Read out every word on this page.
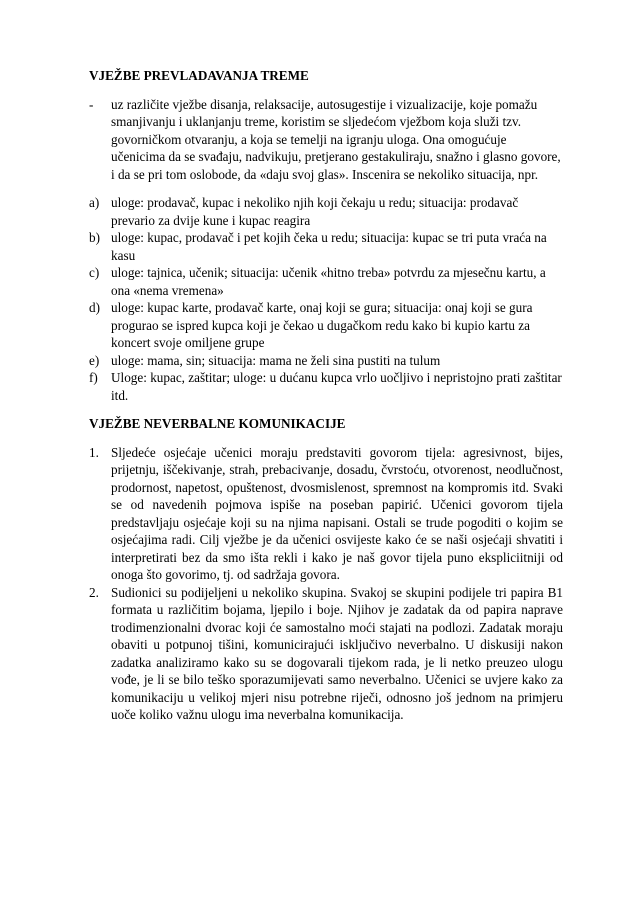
VJEŽBE PREVLADAVANJA TREME
- uz različite vježbe disanja, relaksacije, autosugestije i vizualizacije, koje pomažu smanjivanju i uklanjanju treme, koristim se sljedećom vježbom koja služi tzv. govorničkom otvaranju, a koja se temelji na igranju uloga. Ona omogućuje učenicima da se svađaju, nadvikuju, pretjerano gestakuliraju, snažno i glasno govore, i da se pri tom oslobode, da «daju svoj glas». Inscenira se nekoliko situacija, npr.
a) uloge: prodavač, kupac i nekoliko njih koji čekaju u redu; situacija: prodavač prevario za dvije kune i kupac reagira
b) uloge: kupac, prodavač i pet kojih čeka u redu; situacija: kupac se tri puta vraća na kasu
c) uloge: tajnica, učenik; situacija: učenik «hitno treba» potvrdu za mjesečnu kartu, a ona «nema vremena»
d) uloge: kupac karte, prodavač karte, onaj koji se gura; situacija: onaj koji se gura progurao se ispred kupca koji je čekao u dugačkom redu kako bi kupio kartu za koncert svoje omiljene grupe
e) uloge: mama, sin; situacija: mama ne želi sina pustiti na tulum
f) Uloge: kupac, zaštitar; uloge: u dućanu kupca vrlo uočljivo i nepristojno prati zaštitar itd.
VJEŽBE NEVERBALNE KOMUNIKACIJE
1. Sljedeće osjećaje učenici moraju predstaviti govorom tijela: agresivnost, bijes, prijetnju, iščekivanje, strah, prebacivanje, dosadu, čvrstoću, otvorenost, neodlučnost, prodornost, napetost, opuštenost, dvosmislenost, spremnost na kompromis itd. Svaki se od navedenih pojmova ispiše na poseban papirić. Učenici govorom tijela predstavljaju osjećaje koji su na njima napisani. Ostali se trude pogoditi o kojim se osjećajima radi. Cilj vježbe je da učenici osvijeste kako će se naši osjećaji shvatiti i interpretirati bez da smo išta rekli i kako je naš govor tijela puno ekspliciitniji od onoga što govorimo, tj. od sadržaja govora.
2. Sudionici su podijeljeni u nekoliko skupina. Svakoj se skupini podijele tri papira B1 formata u različitim bojama, ljepilo i boje. Njihov je zadatak da od papira naprave trodimenzionalni dvorac koji će samostalno moći stajati na podlozi. Zadatak moraju obaviti u potpunoj tišini, komunicirajući isključivo neverbalno. U diskusiji nakon zadatka analiziramo kako su se dogovarali tijekom rada, je li netko preuzeo ulogu vođe, je li se bilo teško sporazumijevati samo neverbalno. Učenici se uvjere kako za komunikaciju u velikoj mjeri nisu potrebne riječi, odnosno još jednom na primjeru uoče koliko važnu ulogu ima neverbalna komunikacija.
